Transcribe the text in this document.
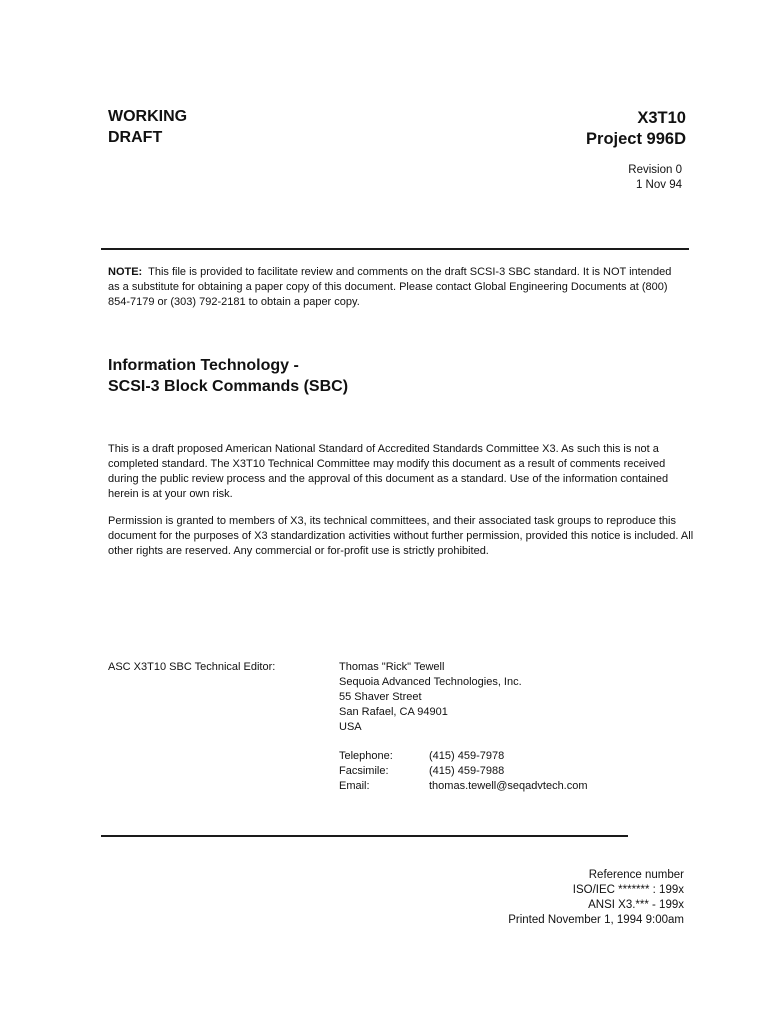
WORKING
DRAFT
X3T10
Project 996D
Revision 0
1 Nov 94
NOTE: This file is provided to facilitate review and comments on the draft SCSI-3 SBC standard. It is NOT intended as a substitute for obtaining a paper copy of this document. Please contact Global Engineering Documents at (800) 854-7179 or (303) 792-2181 to obtain a paper copy.
Information Technology -
SCSI-3 Block Commands (SBC)
This is a draft proposed American National Standard of Accredited Standards Committee X3. As such this is not a completed standard. The X3T10 Technical Committee may modify this document as a result of comments received during the public review process and the approval of this document as a standard. Use of the information contained herein is at your own risk.
Permission is granted to members of X3, its technical committees, and their associated task groups to reproduce this document for the purposes of X3 standardization activities without further permission, provided this notice is included. All other rights are reserved. Any commercial or for-profit use is strictly prohibited.
ASC X3T10 SBC Technical Editor:	Thomas "Rick" Tewell
Sequoia Advanced Technologies, Inc.
55 Shaver Street
San Rafael, CA 94901
USA
Telephone:	(415) 459-7978
Facsimile:	(415) 459-7988
Email:	thomas.tewell@seqadvtech.com
Reference number
ISO/IEC ******* : 199x
ANSI X3.*** - 199x
Printed November 1, 1994 9:00am
